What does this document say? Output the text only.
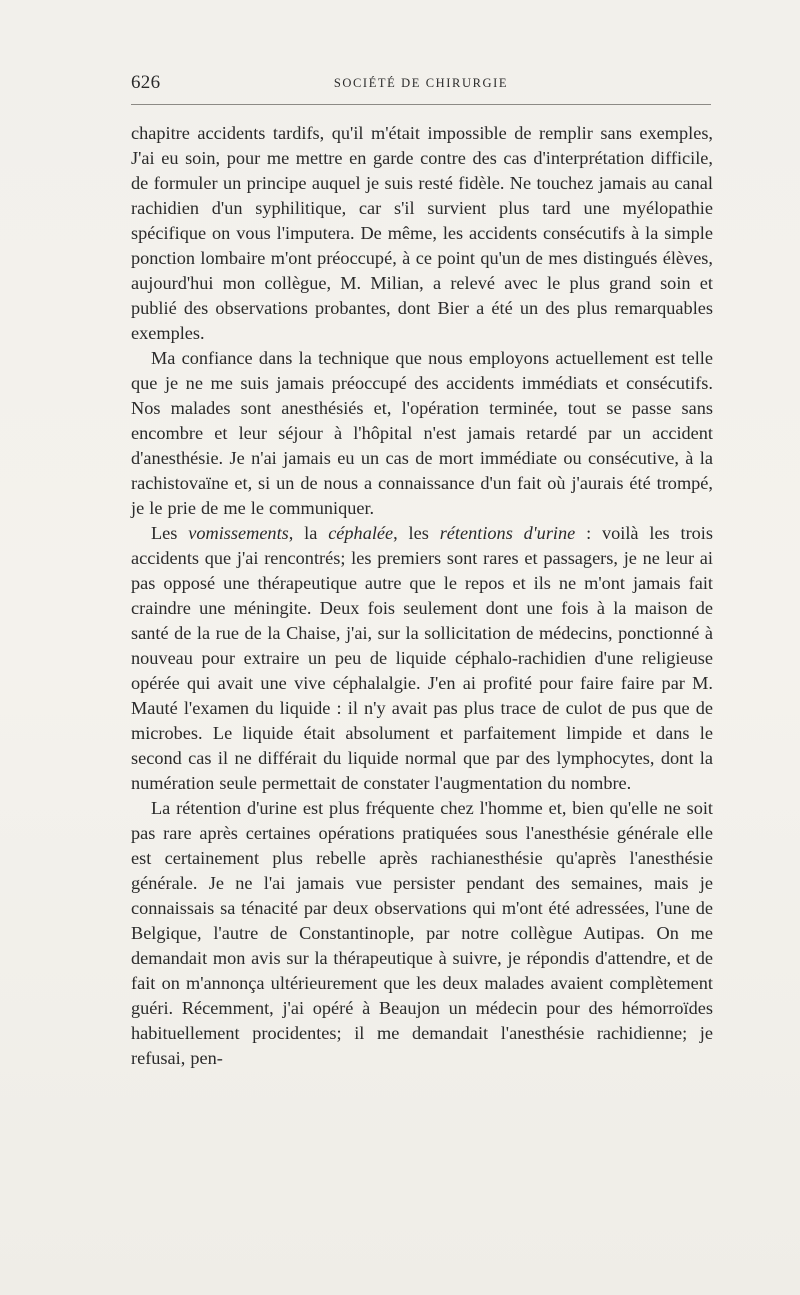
626	SOCIÉTÉ DE CHIRURGIE

chapitre accidents tardifs, qu'il m'était impossible de remplir sans exemples, J'ai eu soin, pour me mettre en garde contre des cas d'interprétation difficile, de formuler un principe auquel je suis resté fidèle. Ne touchez jamais au canal rachidien d'un syphilitique, car s'il survient plus tard une myélopathie spécifique on vous l'imputera. De même, les accidents consécutifs à la simple ponction lombaire m'ont préoccupé, à ce point qu'un de mes distingués élèves, aujourd'hui mon collègue, M. Milian, a relevé avec le plus grand soin et publié des observations probantes, dont Bier a été un des plus remarquables exemples.

Ma confiance dans la technique que nous employons actuellement est telle que je ne me suis jamais préoccupé des accidents immédiats et consécutifs. Nos malades sont anesthésiés et, l'opération terminée, tout se passe sans encombre et leur séjour à l'hôpital n'est jamais retardé par un accident d'anesthésie. Je n'ai jamais eu un cas de mort immédiate ou consécutive, à la rachistovaïne et, si un de nous a connaissance d'un fait où j'aurais été trompé, je le prie de me le communiquer.

Les vomissements, la céphalée, les rétentions d'urine : voilà les trois accidents que j'ai rencontrés; les premiers sont rares et passagers, je ne leur ai pas opposé une thérapeutique autre que le repos et ils ne m'ont jamais fait craindre une méningite. Deux fois seulement dont une fois à la maison de santé de la rue de la Chaise, j'ai, sur la sollicitation de médecins, ponctionné à nouveau pour extraire un peu de liquide céphalo-rachidien d'une religieuse opérée qui avait une vive céphalalgie. J'en ai profité pour faire faire par M. Mauté l'examen du liquide : il n'y avait pas plus trace de culot de pus que de microbes. Le liquide était absolument et parfaitement limpide et dans le second cas il ne différait du liquide normal que par des lymphocytes, dont la numération seule permettait de constater l'augmentation du nombre.

La rétention d'urine est plus fréquente chez l'homme et, bien qu'elle ne soit pas rare après certaines opérations pratiquées sous l'anesthésie générale elle est certainement plus rebelle après rachianesthésie qu'après l'anesthésie générale. Je ne l'ai jamais vue persister pendant des semaines, mais je connaissais sa ténacité par deux observations qui m'ont été adressées, l'une de Belgique, l'autre de Constantinople, par notre collègue Autipas. On me demandait mon avis sur la thérapeutique à suivre, je répondis d'attendre, et de fait on m'annonça ultérieurement que les deux malades avaient complètement guéri. Récemment, j'ai opéré à Beaujon un médecin pour des hémorroïdes habituellement procidentes; il me demandait l'anesthésie rachidienne; je refusai, pen-
